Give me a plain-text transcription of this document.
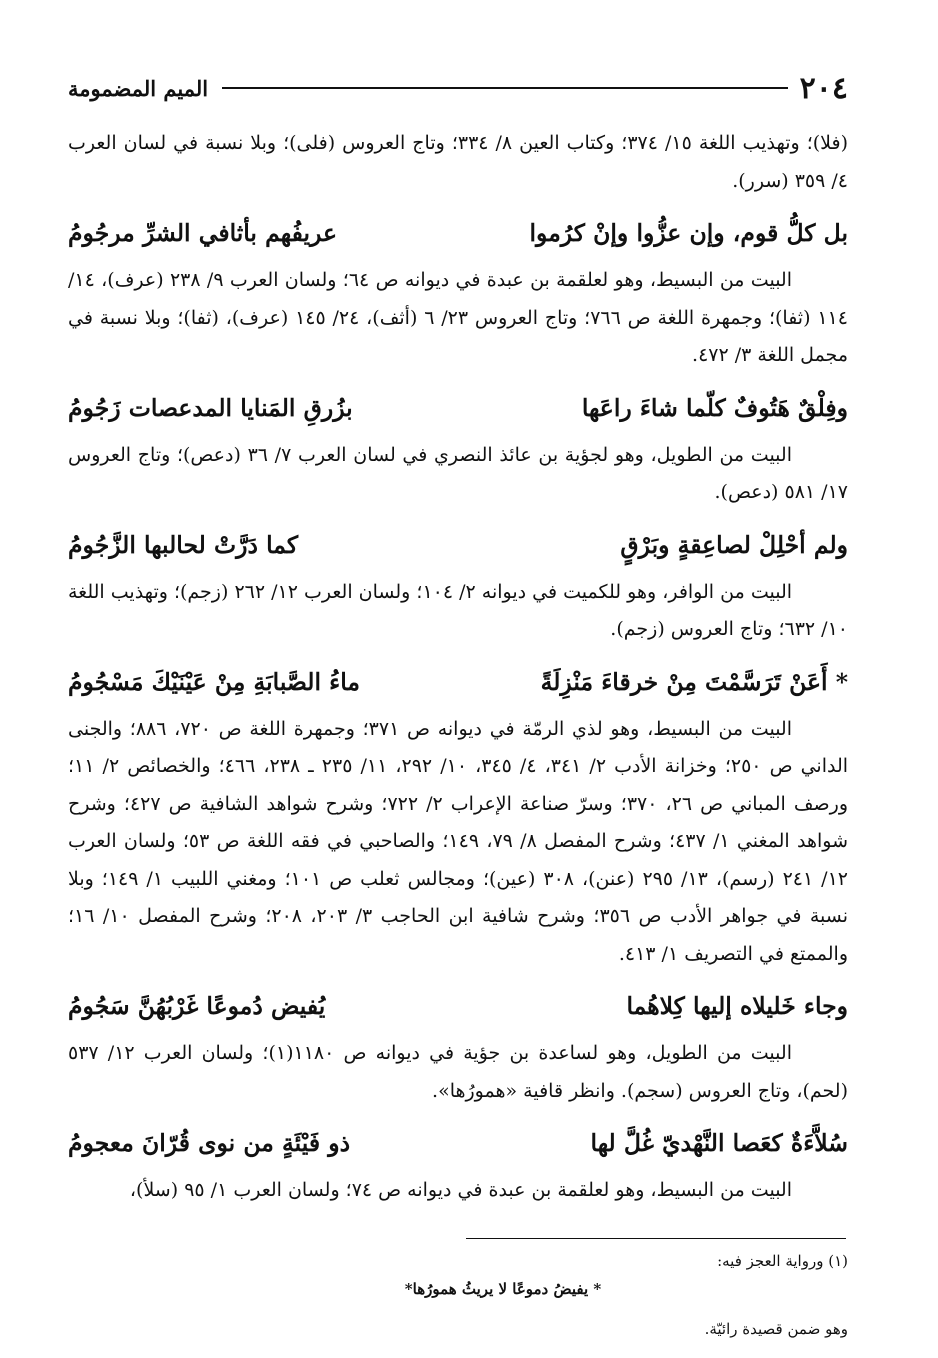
٢٠٤
الميم المضمومة

(فلا)؛ وتهذيب اللغة ١٥/ ٣٧٤؛ وكتاب العين ٨/ ٣٣٤؛ وتاج العروس (فلى)؛ وبلا نسبة في لسان العرب ٤/ ٣٥٩ (سرر).

بل كلُّ قوم، وإن عزُّوا وإنْ كرُموا
عريفُهم بأثافي الشرِّ مرجُومُ

البيت من البسيط، وهو لعلقمة بن عبدة في ديوانه ص ٦٤؛ ولسان العرب ٩/ ٢٣٨ (عرف)، ١٤/ ١١٤ (ثفا)؛ وجمهرة اللغة ص ٧٦٦؛ وتاج العروس ٢٣/ ٦ (أثف)، ٢٤/ ١٤٥ (عرف)، (ثفا)؛ وبلا نسبة في مجمل اللغة ٣/ ٤٧٢.

وفِلْقٌ هَتُوفٌ كلّما شاءَ راعَها
بزُرقِ المَنايا المدعصات زَجُومُ

البيت من الطويل، وهو لجؤية بن عائذ النصري في لسان العرب ٧/ ٣٦ (دعص)؛ وتاج العروس ١٧/ ٥٨١ (دعص).

ولم أحْلِلْ لصاعِقةٍ وبَرْقٍ
كما دَرَّتْ لحالبها الزَّجُومُ

البيت من الوافر، وهو للكميت في ديوانه ٢/ ١٠٤؛ ولسان العرب ١٢/ ٢٦٢ (زجم)؛ وتهذيب اللغة ١٠/ ٦٣٢؛ وتاج العروس (زجم).

* أَعَنْ تَرَسَّمْتَ مِنْ خرقاءَ مَنْزِلَةً
ماءُ الصَّبابَةِ مِنْ عَيْنَيْكَ مَسْجُومُ

البيت من البسيط، وهو لذي الرمّة في ديوانه ص ٣٧١؛ وجمهرة اللغة ص ٧٢٠، ٨٨٦؛ والجنى الداني ص ٢٥٠؛ وخزانة الأدب ٢/ ٣٤١، ٤/ ٣٤٥، ١٠/ ٢٩٢، ١١/ ٢٣٥ ـ ٢٣٨، ٤٦٦؛ والخصائص ٢/ ١١؛ ورصف المباني ص ٢٦، ٣٧٠؛ وسرّ صناعة الإعراب ٢/ ٧٢٢؛ وشرح شواهد الشافية ص ٤٢٧؛ وشرح شواهد المغني ١/ ٤٣٧؛ وشرح المفصل ٨/ ٧٩، ١٤٩؛ والصاحبي في فقه اللغة ص ٥٣؛ ولسان العرب ١٢/ ٢٤١ (رسم)، ١٣/ ٢٩٥ (عنن)، ٣٠٨ (عين)؛ ومجالس ثعلب ص ١٠١؛ ومغني اللبيب ١/ ١٤٩؛ وبلا نسبة في جواهر الأدب ص ٣٥٦؛ وشرح شافية ابن الحاجب ٣/ ٢٠٣، ٢٠٨؛ وشرح المفصل ١٠/ ١٦؛ والممتع في التصريف ١/ ٤١٣.

وجاء خَليلاه إليها كِلاهُما
يُفيض دُموعًا غَرْبُهُنَّ سَجُومُ

البيت من الطويل، وهو لساعدة بن جؤية في ديوانه ص ١١٨٠(١)؛ ولسان العرب ١٢/ ٥٣٧ (لحم)، وتاج العروس (سجم). وانظر قافية «همورُها».

سُلاَّءَةٌ كعَصا النَّهْديّ غُلَّ لها
ذو فَيْئَةٍ من نوى قُرّانَ معجومُ

البيت من البسيط، وهو لعلقمة بن عبدة في ديوانه ص ٧٤؛ ولسان العرب ١/ ٩٥ (سلأ)،

(١) ورواية العجز فيه:

* يفيضُ دموعًا لا يريثُ همورُها*

وهو ضمن قصيدة رائيّة.
